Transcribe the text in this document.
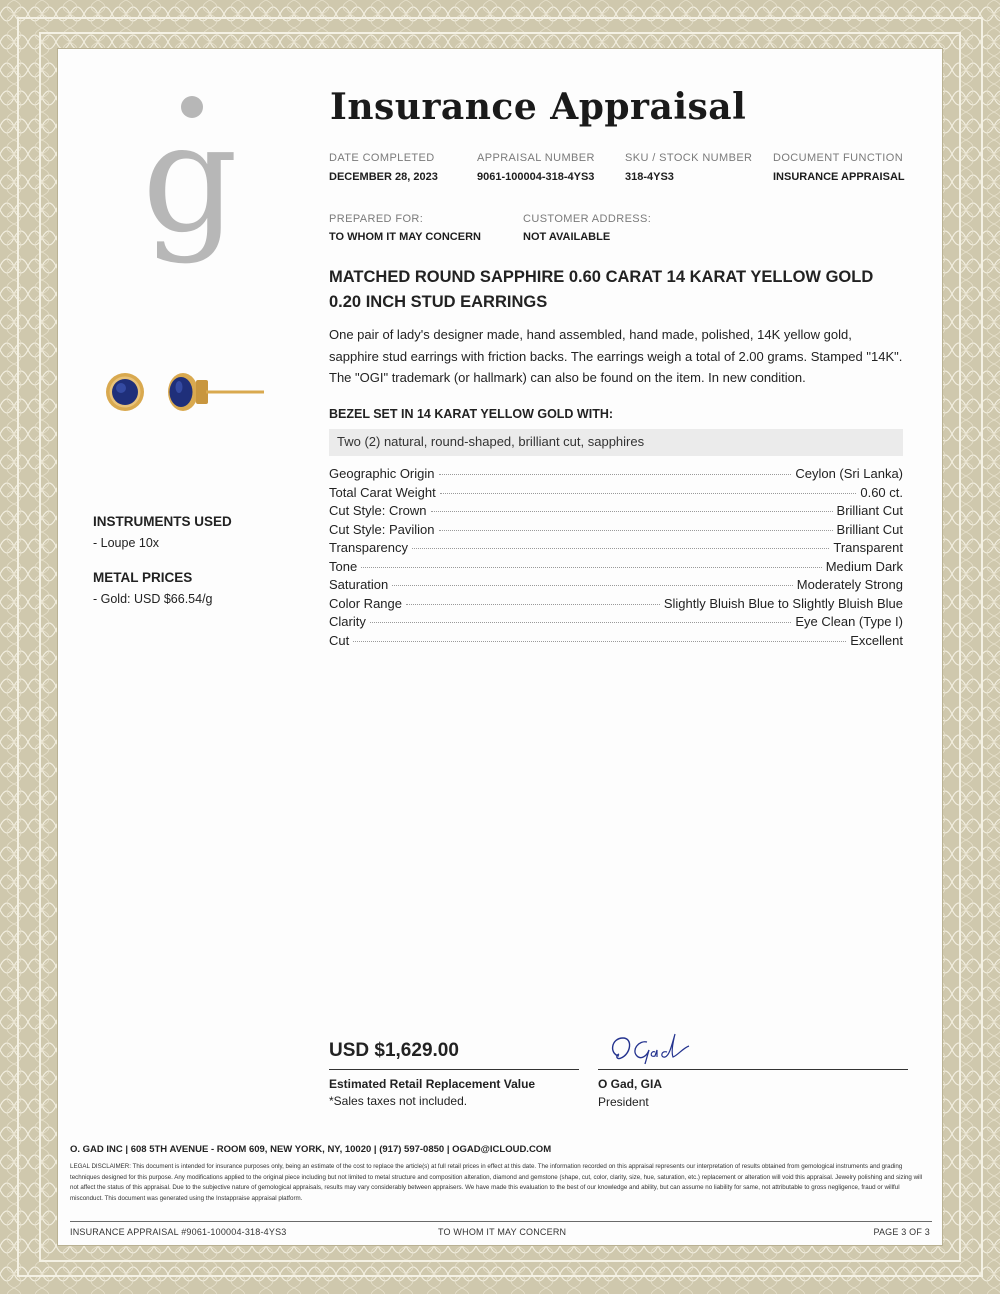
g	Insurance Appraisal
DATE COMPLETED
DECEMBER 28, 2023
APPRAISAL NUMBER
9061-100004-318-4YS3
SKU / STOCK NUMBER
318-4YS3
DOCUMENT FUNCTION
INSURANCE APPRAISAL
PREPARED FOR:
TO WHOM IT MAY CONCERN
CUSTOMER ADDRESS:
NOT AVAILABLE
MATCHED ROUND SAPPHIRE 0.60 CARAT 14 KARAT YELLOW GOLD 0.20 INCH STUD EARRINGS
One pair of lady's designer made, hand assembled, hand made, polished, 14K yellow gold, sapphire stud earrings with friction backs. The earrings weigh a total of 2.00 grams. Stamped "14K". The "OGI" trademark (or hallmark) can also be found on the item. In new condition.
BEZEL SET IN 14 KARAT YELLOW GOLD WITH:
Two (2) natural, round-shaped, brilliant cut, sapphires
Geographic Origin	Ceylon (Sri Lanka)
Total Carat Weight	0.60 ct.
Cut Style: Crown	Brilliant Cut
Cut Style: Pavilion	Brilliant Cut
Transparency	Transparent
Tone	Medium Dark
Saturation	Moderately Strong
Color Range	Slightly Bluish Blue to Slightly Bluish Blue
Clarity	Eye Clean (Type I)
Cut	Excellent
INSTRUMENTS USED
- Loupe 10x
METAL PRICES
- Gold: USD $66.54/g
USD $1,629.00
Estimated Retail Replacement Value
*Sales taxes not included.
O Gad, GIA
President
O. GAD INC | 608 5TH AVENUE - ROOM 609, NEW YORK, NY, 10020 | (917) 597-0850 | OGAD@ICLOUD.COM
LEGAL DISCLAIMER: This document is intended for insurance purposes only, being an estimate of the cost to replace the article(s) at full retail prices in effect at this date. The information recorded on this appraisal represents our interpretation of results obtained from gemological instruments and grading techniques designed for this purpose. Any modifications applied to the original piece including but not limited to metal structure and composition alteration, diamond and gemstone (shape, cut, color, clarity, size, hue, saturation, etc.) replacement or alteration will void this appraisal. Jewelry polishing and sizing will not affect the status of this appraisal. Due to the subjective nature of gemological appraisals, results may vary considerably between appraisers. We have made this evaluation to the best of our knowledge and ability, but can assume no liability for same, not attributable to gross negligence, fraud or willful misconduct. This document was generated using the Instappraise appraisal platform.
INSURANCE APPRAISAL #9061-100004-318-4YS3	TO WHOM IT MAY CONCERN	PAGE 3 OF 3
